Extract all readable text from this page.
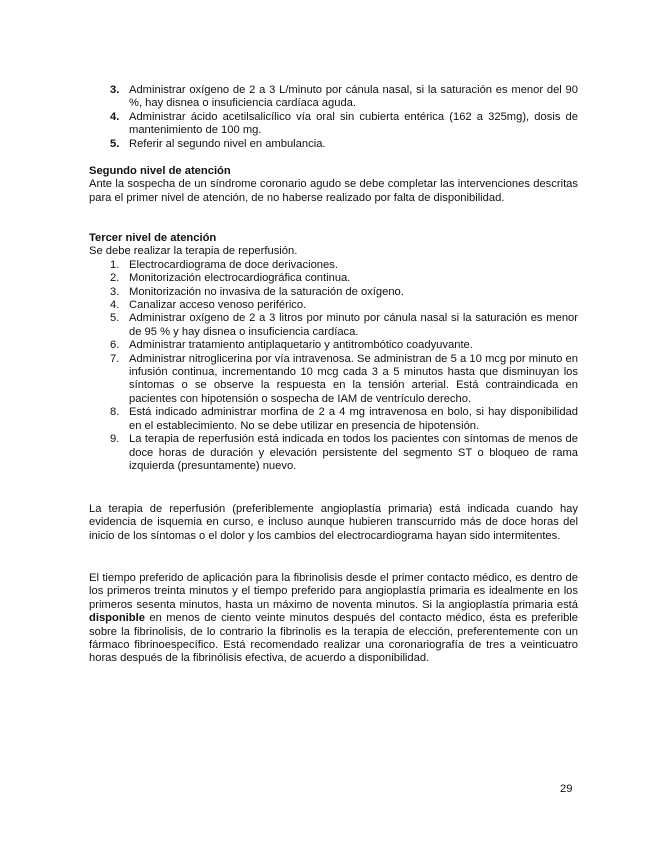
3. Administrar oxígeno de 2 a 3 L/minuto por cánula nasal, si la saturación es menor del 90 %, hay disnea o insuficiencia cardíaca aguda.
4. Administrar ácido acetilsalicílico vía oral sin cubierta entérica (162 a 325mg), dosis de mantenimiento de 100 mg.
5. Referir al segundo nivel en ambulancia.
Segundo nivel de atención
Ante la sospecha de un síndrome coronario agudo se debe completar las intervenciones descritas para el primer nivel de atención, de no haberse realizado por falta de disponibilidad.
Tercer nivel de atención
Se debe realizar la terapia de reperfusión.
1. Electrocardiograma de doce derivaciones.
2. Monitorización electrocardiográfica continua.
3. Monitorización no invasiva de la saturación de oxígeno.
4. Canalizar acceso venoso periférico.
5. Administrar oxígeno de 2 a 3 litros por minuto por cánula nasal si la saturación es menor de 95 % y hay disnea o insuficiencia cardíaca.
6. Administrar tratamiento antiplaquetario y antitrombótico coadyuvante.
7. Administrar nitroglicerina por vía intravenosa. Se administran de 5 a 10 mcg por minuto en infusión continua, incrementando 10 mcg cada 3 a 5 minutos hasta que disminuyan los síntomas o se observe la respuesta en la tensión arterial. Está contraindicada en pacientes con hipotensión o sospecha de IAM de ventrículo derecho.
8. Está indicado administrar morfina de 2 a 4 mg intravenosa en bolo, si hay disponibilidad en el establecimiento. No se debe utilizar en presencia de hipotensión.
9. La terapia de reperfusión está indicada en todos los pacientes con síntomas de menos de doce horas de duración y elevación persistente del segmento ST o bloqueo de rama izquierda (presuntamente) nuevo.
La terapia de reperfusión (preferiblemente angioplastía primaria) está indicada cuando hay evidencia de isquemia en curso, e incluso aunque hubieren transcurrido más de doce horas del inicio de los síntomas o el dolor y los cambios del electrocardiograma hayan sido intermitentes.
El tiempo preferido de aplicación para la fibrinolisis desde el primer contacto médico, es dentro de los primeros treinta minutos y el tiempo preferido para angioplastía primaria es idealmente en los primeros sesenta minutos, hasta un máximo de noventa minutos. Si la angioplastía primaria está disponible en menos de ciento veinte minutos después del contacto médico, ésta es preferible sobre la fibrinolisis, de lo contrario la fibrinolis es la terapia de elección, preferentemente con un fármaco fibrinoespecífico. Está recomendado realizar una coronariografía de tres a veinticuatro horas después de la fibrinólisis efectiva, de acuerdo a disponibilidad.
29
